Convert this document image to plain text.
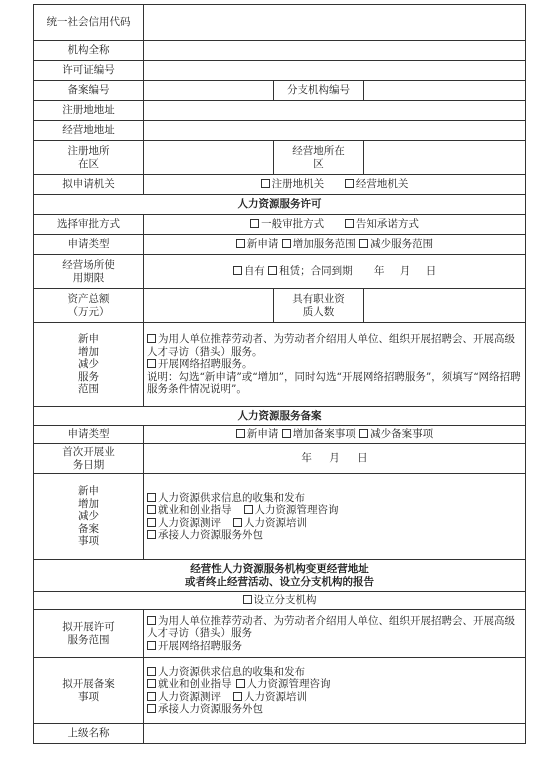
统一社会信用代码			
机构全称			
许可证编号			
备案编号		分支机构编号	
注册地地址			
经营地地址			
注册地所在区		经营地所在区	
拟申请机关	注册地机关 经营地机关		
人力资源服务许可			
选择审批方式	一般审批方式 告知承诺方式		
申请类型	新申请 增加服务范围 减少服务范围		
经营场所使用期限	自有 租赁；合同到期 年 月 日		
资产总额（万元）		具有职业资质人数	
新申增加减少服务范围	为用人单位推荐劳动者、为劳动者介绍用人单位、组织开展招聘会、开展高级人才寻访（猎头）服务。
开展网络招聘服务。
说明：勾选“新申请”或“增加”，同时勾选“开展网络招聘服务”，须填写“网络招聘服务条件情况说明”。		

人力资源服务备案			
申请类型	新申请 增加备案事项 减少备案事项		
首次开展业务日期	年 月 日		
新申增加减少备案事项	人力资源供求信息的收集和发布
就业和创业指导 人力资源管理咨询
人力资源测评 人力资源培训
承接人力资源服务外包		

经营性人力资源服务机构变更经营地址
或者终止经营活动、设立分支机构的报告			

设立分支机构			
拟开展许可服务范围	为用人单位推荐劳动者、为劳动者介绍用人单位、组织开展招聘会、开展高级人才寻访（猎头）服务
开展网络招聘服务		

拟开展备案事项	人力资源供求信息的收集和发布
就业和创业指导 人力资源管理咨询
人力资源测评 人力资源培训
承接人力资源服务外包		

上级名称			
